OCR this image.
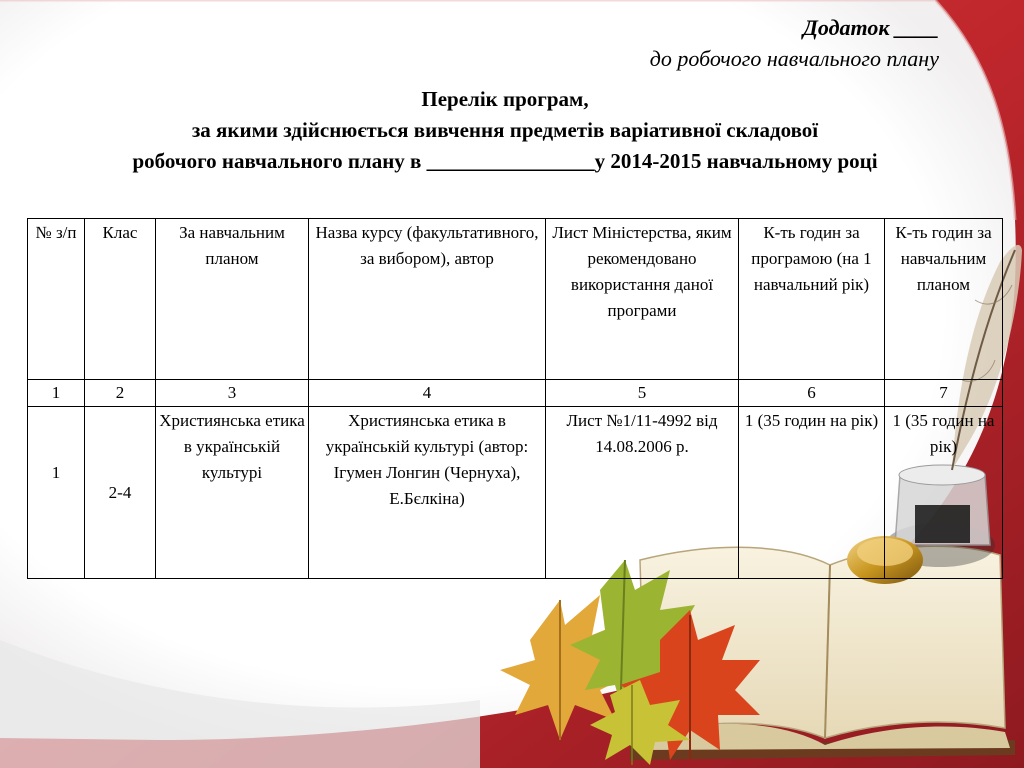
Додаток ____
до робочого навчального плану
Перелік програм,
за якими здійснюється вивчення предметів варіативної складової
робочого навчального плану в ________________у 2014-2015 навчальному році
№ з/п	Клас	За навчальним планом	Назва курсу (факультативного, за вибором), автор	Лист Міністерства, яким рекомендовано використання даної програми	К-ть годин за програмою (на 1 навчальний рік)	К-ть годин за навчальним планом
1	2	3	4	5	6	7
1	2-4	Християнська етика в українській культурі	Християнська етика в українській культурі (автор: Ігумен Лонгин (Чернуха), Е.Бєлкіна)	Лист №1/11-4992 від 14.08.2006 р.	1 (35 годин на рік)	1 (35 годин на рік)
